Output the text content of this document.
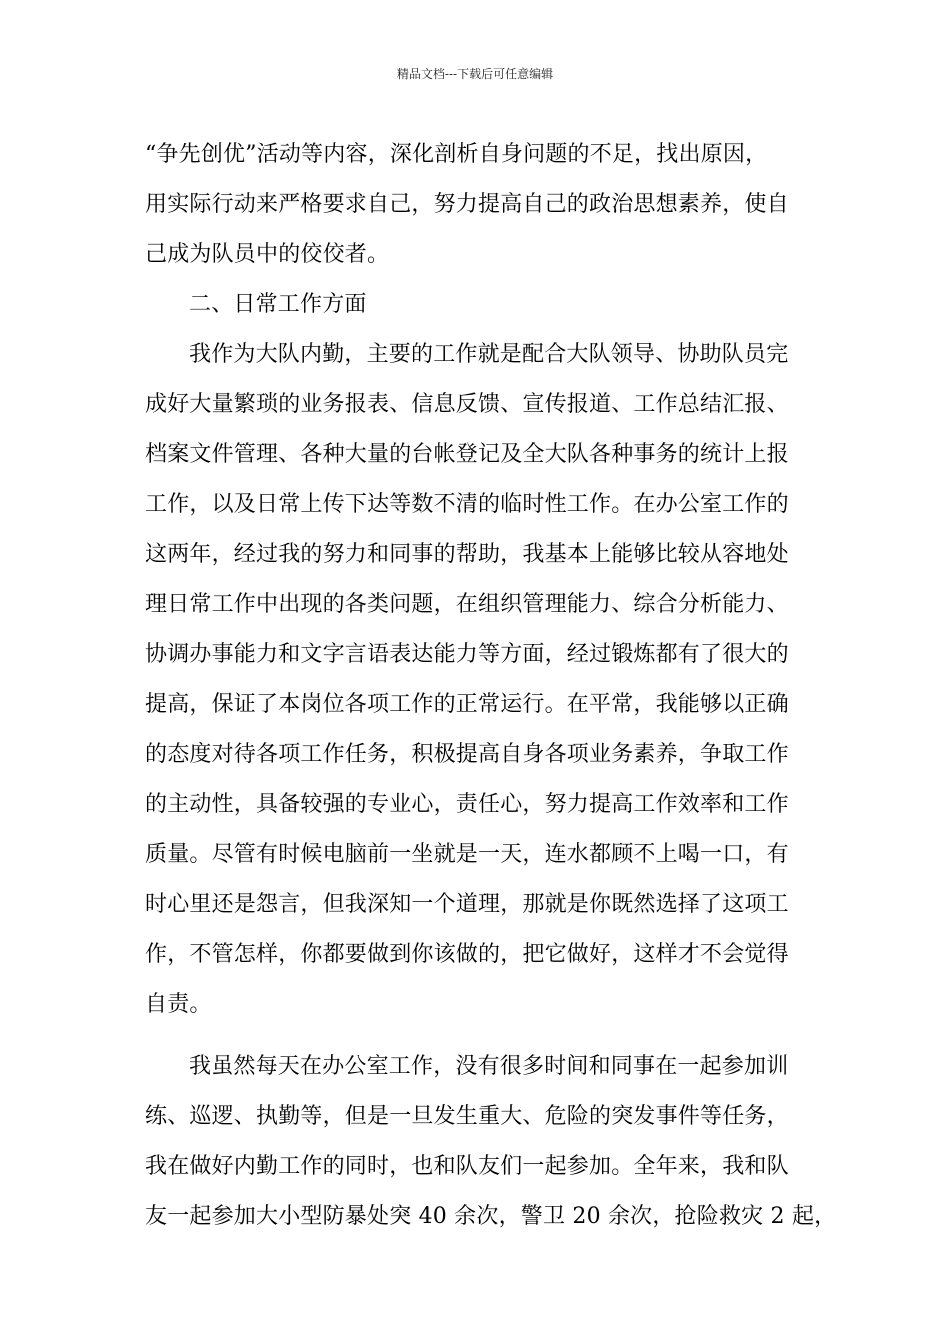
精品文档---下载后可任意编辑
“争先创优”活动等内容，深化剖析自身问题的不足，找出原因，
用实际行动来严格要求自己，努力提高自己的政治思想素养，使自
己成为队员中的佼佼者。
二、日常工作方面
我作为大队内勤，主要的工作就是配合大队领导、协助队员完
成好大量繁琐的业务报表、信息反馈、宣传报道、工作总结汇报、
档案文件管理、各种大量的台帐登记及全大队各种事务的统计上报
工作，以及日常上传下达等数不清的临时性工作。在办公室工作的
这两年，经过我的努力和同事的帮助，我基本上能够比较从容地处
理日常工作中出现的各类问题，在组织管理能力、综合分析能力、
协调办事能力和文字言语表达能力等方面，经过锻炼都有了很大的
提高，保证了本岗位各项工作的正常运行。在平常，我能够以正确
的态度对待各项工作任务，积极提高自身各项业务素养，争取工作
的主动性，具备较强的专业心，责任心，努力提高工作效率和工作
质量。尽管有时候电脑前一坐就是一天，连水都顾不上喝一口，有
时心里还是怨言，但我深知一个道理，那就是你既然选择了这项工
作，不管怎样，你都要做到你该做的，把它做好，这样才不会觉得
自责。
我虽然每天在办公室工作，没有很多时间和同事在一起参加训
练、巡逻、执勤等，但是一旦发生重大、危险的突发事件等任务，
我在做好内勤工作的同时，也和队友们一起参加。全年来，我和队
友一起参加大小型防暴处突 40 余次，警卫 20 余次，抢险救灾 2 起，
